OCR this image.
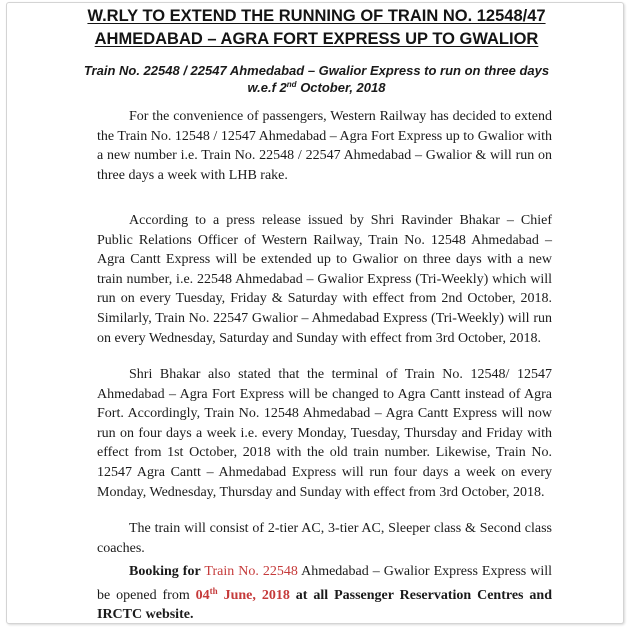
W.RLY TO EXTEND THE RUNNING OF TRAIN NO. 12548/47
AHMEDABAD – AGRA FORT EXPRESS UP TO GWALIOR
Train No. 22548 / 22547 Ahmedabad – Gwalior Express to run on three days
w.e.f 2nd October, 2018

For the convenience of passengers, Western Railway has decided to extend the Train No. 12548 / 12547 Ahmedabad – Agra Fort Express up to Gwalior with a new number i.e. Train No. 22548 / 22547 Ahmedabad – Gwalior & will run on three days a week with LHB rake.

According to a press release issued by Shri Ravinder Bhakar – Chief Public Relations Officer of Western Railway, Train No. 12548 Ahmedabad – Agra Cantt Express will be extended up to Gwalior on three days with a new train number, i.e. 22548 Ahmedabad – Gwalior Express (Tri-Weekly) which will run on every Tuesday, Friday & Saturday with effect from 2nd October, 2018. Similarly, Train No. 22547 Gwalior – Ahmedabad Express (Tri-Weekly) will run on every Wednesday, Saturday and Sunday with effect from 3rd October, 2018.

Shri Bhakar also stated that the terminal of Train No. 12548/ 12547 Ahmedabad – Agra Fort Express will be changed to Agra Cantt instead of Agra Fort. Accordingly, Train No. 12548 Ahmedabad – Agra Cantt Express will now run on four days a week i.e. every Monday, Tuesday, Thursday and Friday with effect from 1st October, 2018 with the old train number. Likewise, Train No. 12547 Agra Cantt – Ahmedabad Express will run four days a week on every Monday, Wednesday, Thursday and Sunday with effect from 3rd October, 2018.

The train will consist of 2-tier AC, 3-tier AC, Sleeper class & Second class coaches.

Booking for Train No. 22548 Ahmedabad – Gwalior Express Express will be opened from 04th June, 2018 at all Passenger Reservation Centres and IRCTC website.
